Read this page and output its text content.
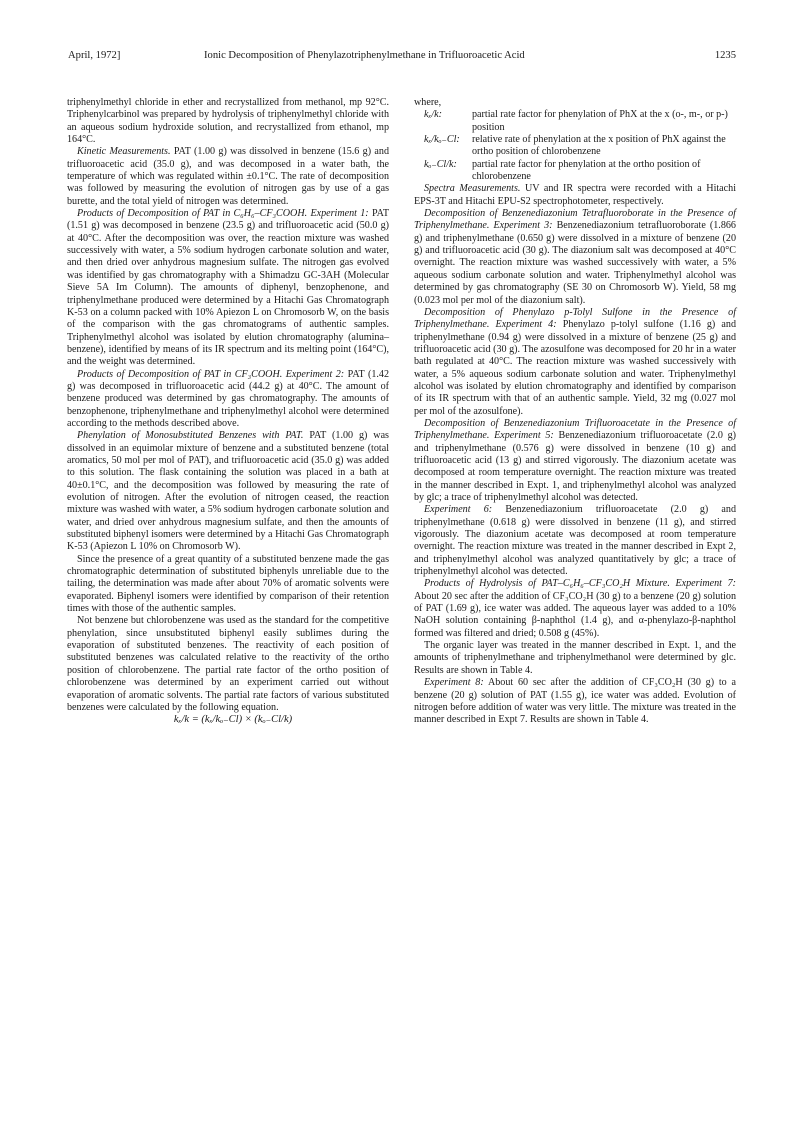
April, 1972]	Ionic Decomposition of Phenylazotriphenylmethane in Trifluoroacetic Acid	1235

triphenylmethyl chloride in ether and recrystallized from methanol, mp 92°C. Triphenylcarbinol was prepared by hydrolysis of triphenylmethyl chloride with an aqueous sodium hydroxide solution, and recrystallized from ethanol, mp 164°C.

Kinetic Measurements. PAT (1.00 g) was dissolved in benzene (15.6 g) and trifluoroacetic acid (35.0 g), and was decomposed in a water bath, the temperature of which was regulated within ±0.1°C. The rate of decomposition was followed by measuring the evolution of nitrogen gas by use of a gas burette, and the total yield of nitrogen was determined.

Products of Decomposition of PAT in C₆H₆–CF₃COOH. Experiment 1: PAT (1.51 g) was decomposed in benzene (23.5 g) and trifluoroacetic acid (50.0 g) at 40°C. After the decomposition was over, the reaction mixture was washed successively with water, a 5% sodium hydrogen carbonate solution and water, and then dried over anhydrous magnesium sulfate. The nitrogen gas evolved was identified by gas chromatography with a Shimadzu GC-3AH (Molecular Sieve 5A Im Column). The amounts of diphenyl, benzophenone, and triphenylmethane produced were determined by a Hitachi Gas Chromatograph K-53 on a column packed with 10% Apiezon L on Chromosorb W, on the basis of the comparison with the gas chromatograms of authentic samples. Triphenylmethyl alcohol was isolated by elution chromatography (alumina–benzene), identified by means of its IR spectrum and its melting point (164°C), and the weight was determined.

Products of Decomposition of PAT in CF₃COOH. Experiment 2: PAT (1.42 g) was decomposed in trifluoroacetic acid (44.2 g) at 40°C. The amount of benzene produced was determined by gas chromatography. The amounts of benzophenone, triphenylmethane and triphenylmethyl alcohol were determined according to the methods described above.

Phenylation of Monosubstituted Benzenes with PAT. PAT (1.00 g) was dissolved in an equimolar mixture of benzene and a substituted benzene (total aromatics, 50 mol per mol of PAT), and trifluoroacetic acid (35.0 g) was added to this solution. The flask containing the solution was placed in a bath at 40±0.1°C, and the decomposition was followed by measuring the rate of evolution of nitrogen. After the evolution of nitrogen ceased, the reaction mixture was washed with water, a 5% sodium hydrogen carbonate solution and water, and dried over anhydrous magnesium sulfate, and then the amounts of substituted biphenyl isomers were determined by a Hitachi Gas Chromatograph K-53 (Apiezon L 10% on Chromosorb W).

Since the presence of a great quantity of a substituted benzene made the gas chromatographic determination of substituted biphenyls unreliable due to the tailing, the determination was made after about 70% of aromatic solvents were evaporated. Biphenyl isomers were identified by comparison of their retention times with those of the authentic samples.

Not benzene but chlorobenzene was used as the standard for the competitive phenylation, since unsubstituted biphenyl easily sublimes during the evaporation of substituted benzenes. The reactivity of each position of substituted benzenes was calculated relative to the reactivity of the ortho position of chlorobenzene. The partial rate factor of the ortho position of chlorobenzene was determined by an experiment carried out without evaporation of aromatic solvents. The partial rate factors of various substituted benzenes were calculated by the following equation.

kₓ/k = (kₓ/kₒ₋Cl) × (kₒ₋Cl/k)

where,

kₓ/k:	partial rate factor for phenylation of PhX at the x (o-, m-, or p-) position
kₓ/kₒ₋Cl:	relative rate of phenylation at the x position of PhX against the ortho position of chlorobenzene
kₒ₋Cl/k:	partial rate factor for phenylation at the ortho position of chlorobenzene

Spectra Measurements. UV and IR spectra were recorded with a Hitachi EPS-3T and Hitachi EPU-S2 spectrophotometer, respectively.

Decomposition of Benzenediazonium Tetrafluoroborate in the Presence of Triphenylmethane. Experiment 3: Benzenediazonium tetrafluoroborate (1.866 g) and triphenylmethane (0.650 g) were dissolved in a mixture of benzene (20 g) and trifluoroacetic acid (30 g). The diazonium salt was decomposed at 40°C overnight. The reaction mixture was washed successively with water, a 5% aqueous sodium carbonate solution and water. Triphenylmethyl alcohol was determined by gas chromatography (SE 30 on Chromosorb W). Yield, 58 mg (0.023 mol per mol of the diazonium salt).

Decomposition of Phenylazo p-Tolyl Sulfone in the Presence of Triphenylmethane. Experiment 4: Phenylazo p-tolyl sulfone (1.16 g) and triphenylmethane (0.94 g) were dissolved in a mixture of benzene (25 g) and trifluoroacetic acid (30 g). The azosulfone was decomposed for 20 hr in a water bath regulated at 40°C. The reaction mixture was washed successively with water, a 5% aqueous sodium carbonate solution and water. Triphenylmethyl alcohol was isolated by elution chromatography and identified by comparison of its IR spectrum with that of an authentic sample. Yield, 32 mg (0.027 mol per mol of the azosulfone).

Decomposition of Benzenediazonium Trifluoroacetate in the Presence of Triphenylmethane. Experiment 5: Benzenediazonium trifluoroacetate (2.0 g) and triphenylmethane (0.576 g) were dissolved in benzene (10 g) and trifluoroacetic acid (13 g) and stirred vigorously. The diazonium acetate was decomposed at room temperature overnight. The reaction mixture was treated in the manner described in Expt. 1, and triphenylmethyl alcohol was analyzed by glc; a trace of triphenylmethyl alcohol was detected.

Experiment 6: Benzenediazonium trifluoroacetate (2.0 g) and triphenylmethane (0.618 g) were dissolved in benzene (11 g), and stirred vigorously. The diazonium acetate was decomposed at room temperature overnight. The reaction mixture was treated in the manner described in Expt 2, and triphenylmethyl alcohol was analyzed quantitatively by glc; a trace of triphenylmethyl alcohol was detected.

Products of Hydrolysis of PAT–C₆H₆–CF₃CO₂H Mixture. Experiment 7: About 20 sec after the addition of CF₃CO₂H (30 g) to a benzene (20 g) solution of PAT (1.69 g), ice water was added. The aqueous layer was added to a 10% NaOH solution containing β-naphthol (1.4 g), and α-phenylazo-β-naphthol formed was filtered and dried; 0.508 g (45%).

The organic layer was treated in the manner described in Expt. 1, and the amounts of triphenylmethane and triphenylmethanol were determined by glc. Results are shown in Table 4.

Experiment 8: About 60 sec after the addition of CF₃CO₂H (30 g) to a benzene (20 g) solution of PAT (1.55 g), ice water was added. Evolution of nitrogen before addition of water was very little. The mixture was treated in the manner described in Expt 7. Results are shown in Table 4.
